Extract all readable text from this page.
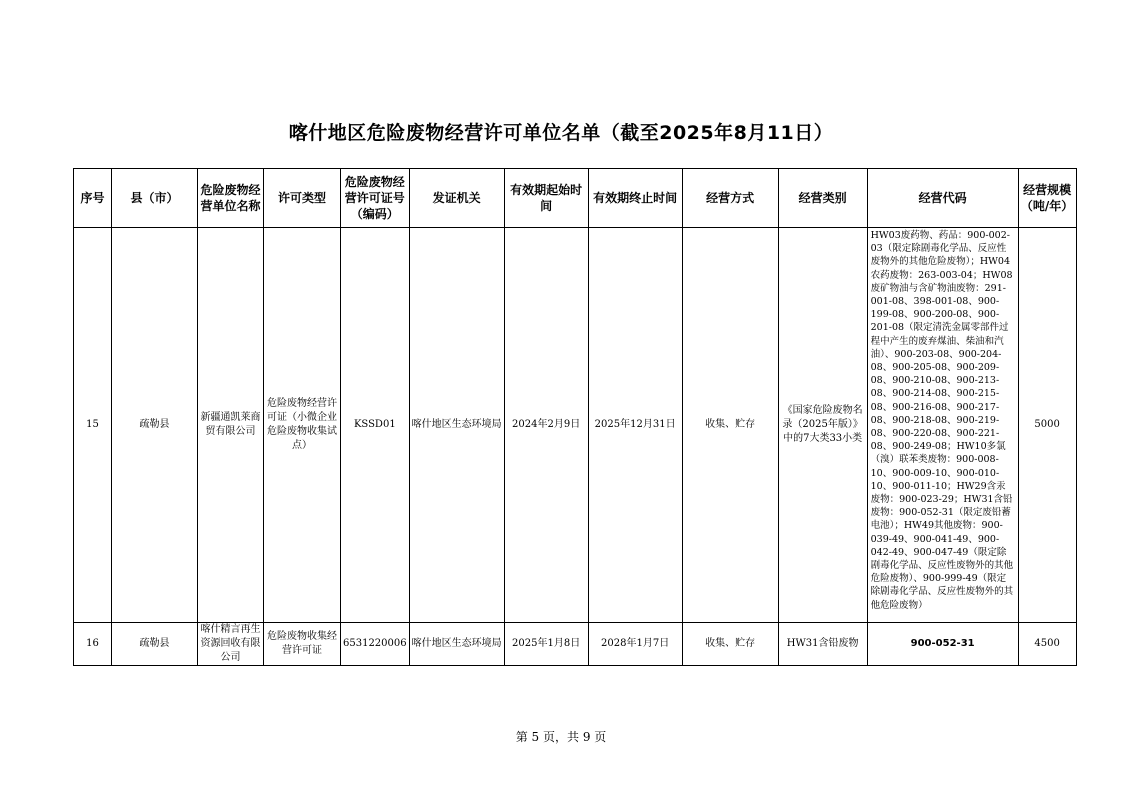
喀什地区危险废物经营许可单位名单（截至2025年8月11日）
序号	县（市）	危险废物经营单位名称	许可类型	危险废物经营许可证号（编码）	发证机关	有效期起始时间	有效期终止时间	经营方式	经营类别	经营代码	经营规模（吨/年）
15	疏勒县	新疆通凯莱商贸有限公司	危险废物经营许可证（小微企业危险废物收集试点）	KSSD01	喀什地区生态环境局	2024年2月9日	2025年12月31日	收集、贮存	《国家危险废物名录（2025年版）》中的7大类33小类	HW03废药物、药品：900-002-03（限定除剧毒化学品、反应性废物外的其他危险废物）；HW04农药废物：263-003-04；HW08废矿物油与含矿物油废物：291-001-08、398-001-08、900-199-08、900-200-08、900-201-08（限定清洗金属零部件过程中产生的废弃煤油、柴油和汽油）、900-203-08、900-204-08、900-205-08、900-209-08、900-210-08、900-213-08、900-214-08、900-215-08、900-216-08、900-217-08、900-218-08、900-219-08、900-220-08、900-221-08、900-249-08；HW10多氯（溴）联苯类废物：900-008-10、900-009-10、900-010-10、900-011-10；HW29含汞废物：900-023-29；HW31含铅废物：900-052-31（限定废铅蓄电池）；HW49其他废物：900-039-49、900-041-49、900-042-49、900-047-49（限定除剧毒化学品、反应性废物外的其他危险废物）、900-999-49（限定除剧毒化学品、反应性废物外的其他危险废物）	5000
16	疏勒县	喀什精言再生资源回收有限公司	危险废物收集经营许可证	6531220006	喀什地区生态环境局	2025年1月8日	2028年1月7日	收集、贮存	HW31含铅废物	900-052-31	4500
第 5 页，共 9 页
